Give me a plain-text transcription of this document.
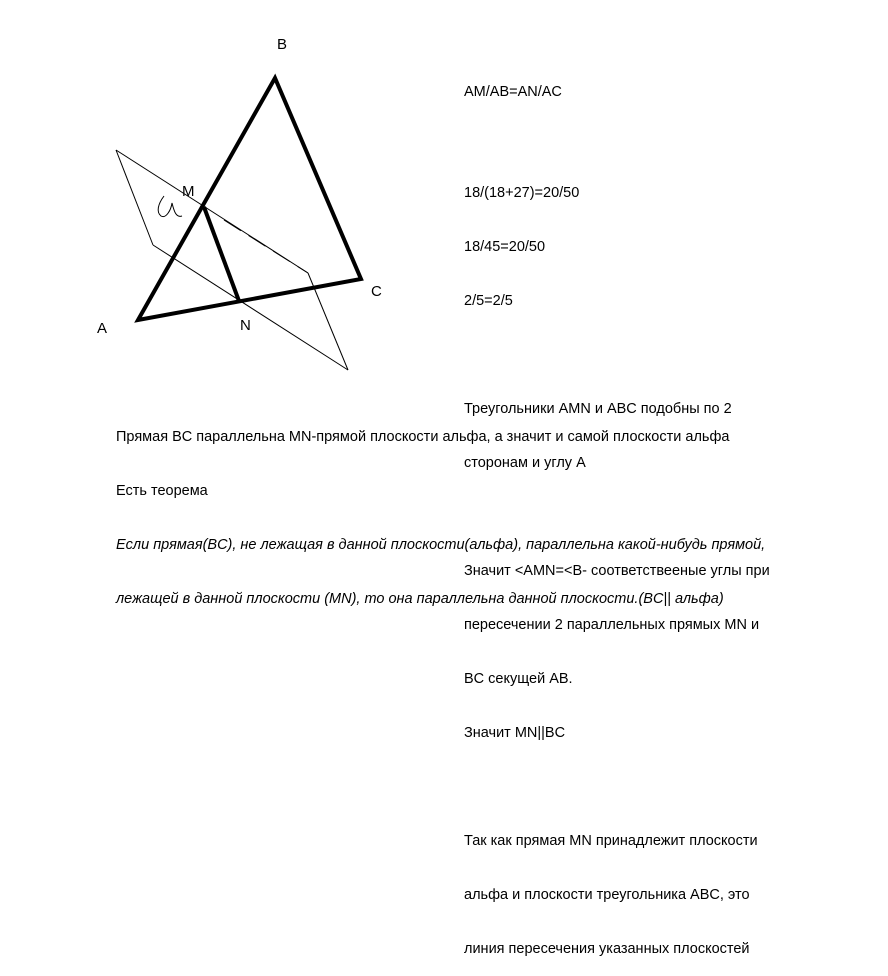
B
M
C
N
A

AM/AB=AN/AC

18/(18+27)=20/50

18/45=20/50

2/5=2/5

Треугольники AMN и ABC подобны по 2

сторонам и углу А

Значит <AMN=<B- соответствееные углы при

пересечении 2 параллельных прямых MN и

BC секущей AB.

Значит MN||BC

Так как прямая MN принадлежит плоскости

альфа и плоскости треугольника ABC, это

линия пересечения указанных плоскостей

Прямая BC параллельна MN-прямой плоскости альфа, а значит и самой плоскости альфа

Есть теорема

Если прямая(BC), не лежащая в данной плоскости(альфа), параллельна какой-нибудь прямой,

лежащей в данной плоскости (MN), то она параллельна данной плоскости.(BC|| альфа)
